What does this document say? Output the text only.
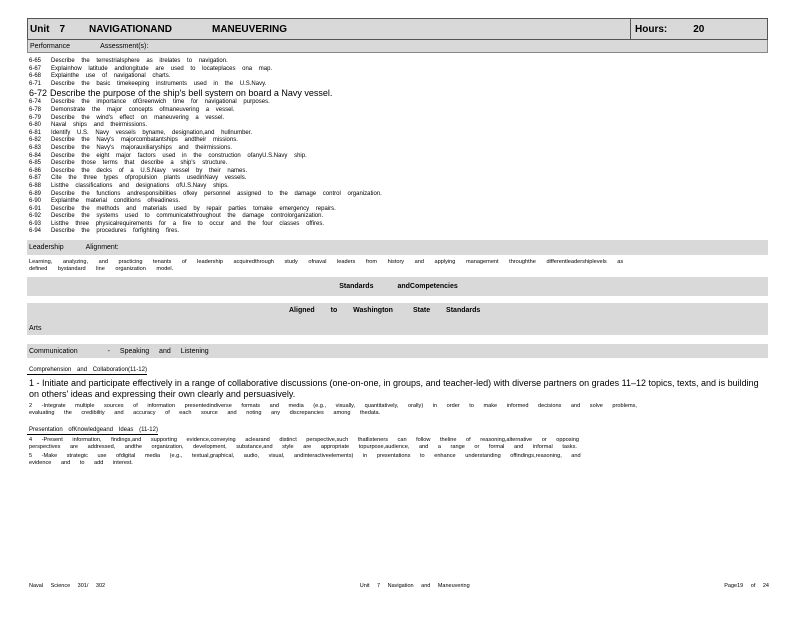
Unit 7 NAVIGATIONAND	MANEUVERING	Hours:	20
Performance	Assessment(s):
6-65	Describe the terrestrialsphere as itrelates to navigation.
6-67	Explainhow latitude andlongitude are used to locateplaces ona map.
6-68	Explainthe use of navigational charts.
6-71	Describe the basic timekeeping instruments used in the U.S.Navy.
6-72 Describe the purpose of the ship's bell system on board a Navy vessel.
6-74	Describe the importance ofGreenwich time for navigational purposes.
6-78	Demonstrate the major concepts ofmaneuvering a vessel.
6-79	Describe the wind's effect on maneuvering a vessel.
6-80	Naval ships and theirmissions.
6-81	Identify U.S. Navy vessels byname, designation,and hullnumber.
6-82	Describe the Navy's majorcombatantships andtheir missions.
6-83	Describe the Navy's majorauxiliaryships and theirmissions.
6-84	Describe the eight major factors used in the construction ofanyU.S.Navy ship.
6-85	Describe those terms that describe a ship's structure.
6-86	Describe the decks of a U.S.Navy vessel by their names.
6-87	Cite the three types ofpropulsion plants usedinNavy vessels.
6-88	Listthe classifications and designations ofU.S.Navy ships.
6-89	Describe the functions andresponsibilities ofkey personnel assigned to the damage control organization.
6-90	Explainthe material conditions ofreadiness.
6-91	Describe the methods and materials used by repair parties tomake emergency repairs.
6-92	Describe the systems used to communicatethroughout the damage controlorganization.
6-93	Listthe three physicalrequirements for a fire to occur and the four classes offires.
6-94	Describe the procedures forfighting fires.
Leadership	Alignment:
Learning, analyzing, and practicing tenants of leadership acquiredthrough study ofnaval leaders from history and applying management throughthe differentleadershiplevels as
defined bystandard line organization model.
Standards	andCompetencies
Aligned to Washington	State Standards
Arts
Communication	- Speaking and Listening
Comprehension and Collaboration(11-12)
1 - Initiate and participate effectively in a range of collaborative discussions (one-on-one, in groups, and teacher-led) with diverse partners on grades 11–12 topics, texts, and is building on others' ideas and expressing their own clearly and persuasively.
2 -Integrate multiple sources of information presentedindiverse formats and media (e.g., visually, quantitatively, orally) in order to make informed decisions and solve problems,
evaluating the credibility and accuracy of each source and noting any discrepancies among thedata.
Presentation ofKnowledgeand Ideas (11-12)
4 -Present information, findings,and supporting evidence,conveying aclearand distinct perspective,such thatlisteners can follow theline of reasoning,alternative or opposing
perspectives are addressed, andthe organization, development, substance,and style are appropriate topurpose,audience, and a range or formal and informal tasks.
5 -Make strategic use ofdigital media (e.g., textual,graphical, audio, visual, andinteractiveelements) in presentations to enhance understanding offindings,reasoning, and
evidence and to add interest.
Naval Science 301/ 302	Unit 7 Navigation and Maneuvering	Page19 of 24
